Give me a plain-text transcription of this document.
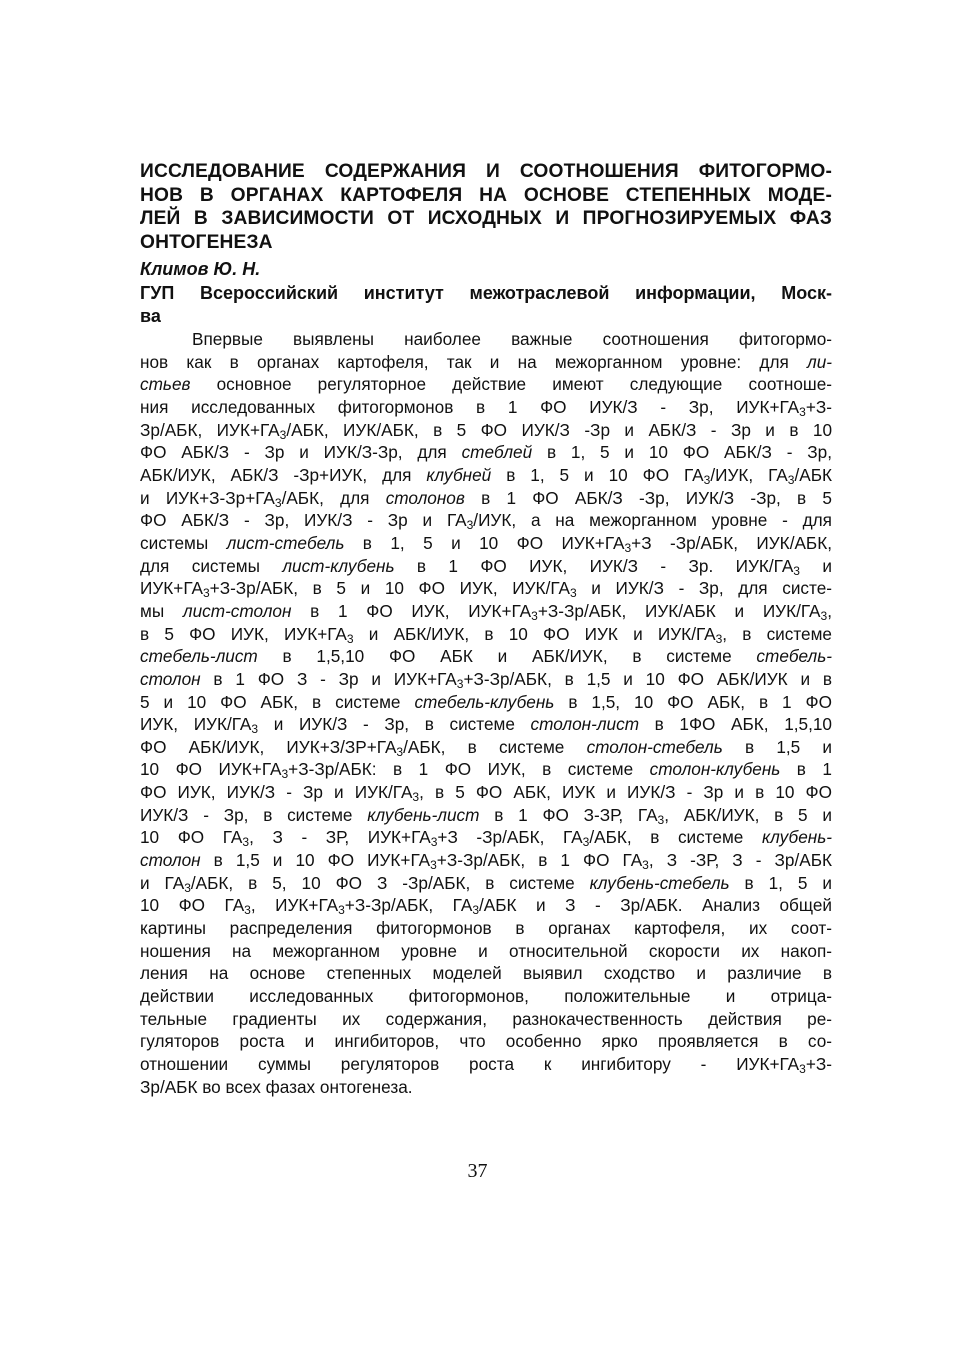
ИССЛЕДОВАНИЕ СОДЕРЖАНИЯ И СООТНОШЕНИЯ ФИТОГОРМО-
НОВ В ОРГАНАХ КАРТОФЕЛЯ НА ОСНОВЕ СТЕПЕННЫХ МОДЕ-
ЛЕЙ В ЗАВИСИМОСТИ ОТ ИСХОДНЫХ И ПРОГНОЗИРУЕМЫХ ФАЗ
ОНТОГЕНЕЗА

Климов Ю. Н.

ГУП Всероссийский институт межотраслевой информации, Моск-
ва

Впервые выявлены наиболее важные соотношения фитогормо-
нов как в органах картофеля, так и на межорганном уровне: для ли-
стьев основное регуляторное действие имеют следующие соотноше-
ния исследованных фитогормонов в 1 ФО ИУК/З - Зр, $ИУК+ГА_3+З-$
Зр/АБК, $ИУК+ГА_3$/АБК, ИУК/АБК, в 5 ФО ИУК/З -Зр и АБК/З - Зр и в 10
ФО АБК/З - Зр и ИУК/З-Зр, для стеблей в 1, 5 и 10 ФО АБК/З - Зр,
АБК/ИУК, АБК/З -Зр+ИУК, для клубней в 1, 5 и 10 ФО $ГА_3$/ИУК, $ГА_3$/АБК
и $ИУК+З-Зр+ГА_3$/АБК, для столонов в 1 ФО АБК/З -Зр, ИУК/З -Зр, в 5
ФО АБК/З - Зр, ИУК/З - Зр и $ГА_3$/ИУК, а на межорганном уровне - для
системы лист-стебель в 1, 5 и 10 ФО $ИУК+ГА_3+З$ -Зр/АБК, ИУК/АБК,
для системы лист-клубень в 1 ФО ИУК, ИУК/З - Зр. ИУК/$ГА_3$ и
$ИУК+ГА_3+З-Зр$/АБК, в 5 и 10 ФО ИУК, ИУК/$ГА_3$ и ИУК/З - Зр, для систе-
мы лист-столон в 1 ФО ИУК, $ИУК+ГА_3+З-Зр$/АБК, ИУК/АБК и ИУК/$ГА_3$,
в 5 ФО ИУК, $ИУК+ГА_3$ и АБК/ИУК, в 10 ФО ИУК и ИУК/$ГА_3$, в системе
стебель-лист в 1,5,10 ФО АБК и АБК/ИУК, в системе стебель-
столон в 1 ФО З - Зр и $ИУК+ГА_3+З-Зр$/АБК, в 1,5 и 10 ФО АБК/ИУК и в
5 и 10 ФО АБК, в системе стебель-клубень в 1,5, 10 ФО АБК, в 1 ФО
ИУК, ИУК/$ГА_3$ и ИУК/З - Зр, в системе столон-лист в 1ФО АБК, 1,5,10
ФО АБК/ИУК, $ИУК+З/ЗР+ГА_3$/АБК, в системе столон-стебель в 1,5 и
10 ФО $ИУК+ГА_3+З-Зр$/АБК: в 1 ФО ИУК, в системе столон-клубень в 1
ФО ИУК, ИУК/З - Зр и ИУК/$ГА_3$, в 5 ФО АБК, ИУК и ИУК/З - Зр и в 10 ФО
ИУК/З - Зр, в системе клубень-лист в 1 ФО З-ЗР, $ГА_3$, АБК/ИУК, в 5 и
10 ФО $ГА_3$, З - ЗР, $ИУК+ГА_3+З$ -Зр/АБК, $ГА_3$/АБК, в системе клубень-
столон в 1,5 и 10 ФО $ИУК+ГА_3+З-Зр$/АБК, в 1 ФО $ГА_3$, З -ЗР, З - Зр/АБК
и $ГА_3$/АБК, в 5, 10 ФО З -Зр/АБК, в системе клубень-стебель в 1, 5 и
10 ФО $ГА_3$, $ИУК+ГА_3+З-Зр$/АБК, $ГА_3$/АБК и З - Зр/АБК. Анализ общей
картины распределения фитогормонов в органах картофеля, их соот-
ношения на межорганном уровне и относительной скорости их накоп-
ления на основе степенных моделей выявил сходство и различие в
действии исследованных фитогормонов, положительные и отрица-
тельные градиенты их содержания, разнокачественность действия ре-
гуляторов роста и ингибиторов, что особенно ярко проявляется в со-
отношении суммы регуляторов роста к ингибитору - $ИУК+ГА_3+З-$
Зр/АБК во всех фазах онтогенеза.
37
